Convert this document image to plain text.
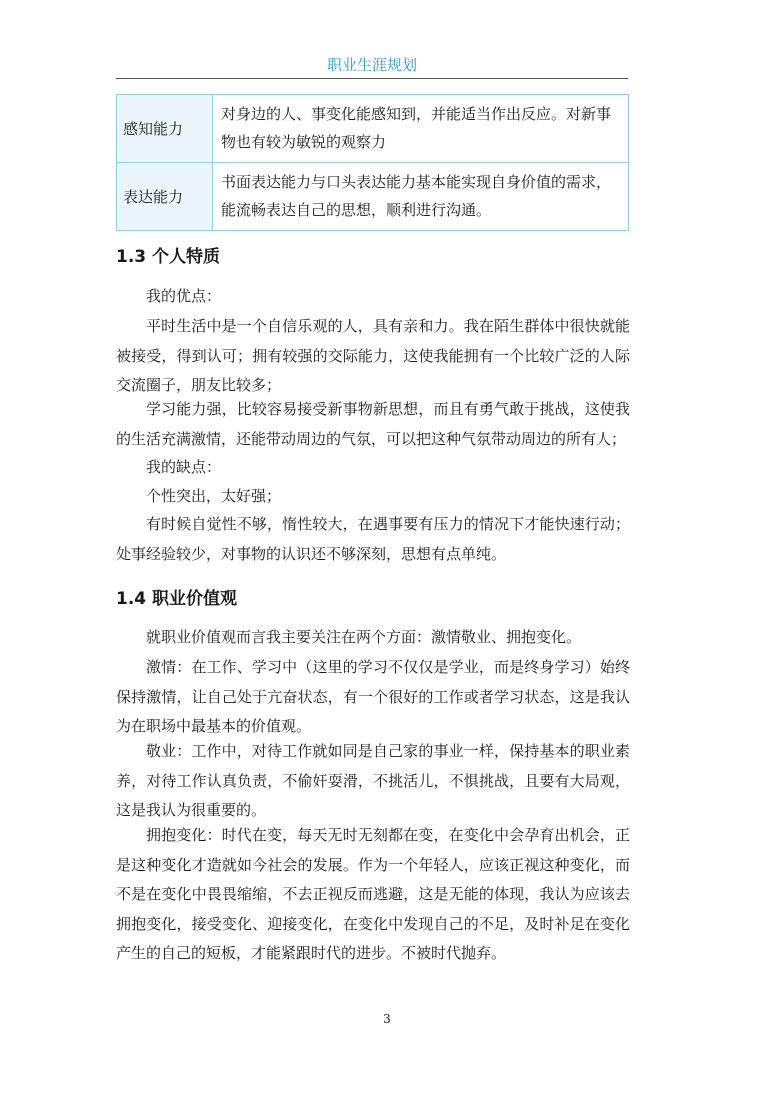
职业生涯规划
感知能力	对身边的人、事变化能感知到，并能适当作出反应。对新事物也有较为敏锐的观察力
表达能力	书面表达能力与口头表达能力基本能实现自身价值的需求，能流畅表达自己的思想，顺利进行沟通。
1.3 个人特质

我的优点：

平时生活中是一个自信乐观的人，具有亲和力。我在陌生群体中很快就能被接受，得到认可；拥有较强的交际能力，这使我能拥有一个比较广泛的人际交流圈子，朋友比较多；

学习能力强，比较容易接受新事物新思想，而且有勇气敢于挑战，这使我的生活充满激情，还能带动周边的气氛，可以把这种气氛带动周边的所有人；

我的缺点：

个性突出，太好强；

有时候自觉性不够，惰性较大，在遇事要有压力的情况下才能快速行动；处事经验较少，对事物的认识还不够深刻，思想有点单纯。

1.4 职业价值观

就职业价值观而言我主要关注在两个方面：激情敬业、拥抱变化。

激情：在工作、学习中（这里的学习不仅仅是学业，而是终身学习）始终保持激情，让自己处于亢奋状态，有一个很好的工作或者学习状态，这是我认为在职场中最基本的价值观。

敬业：工作中，对待工作就如同是自己家的事业一样，保持基本的职业素养，对待工作认真负责，不偷奸耍滑，不挑活儿，不惧挑战，且要有大局观，这是我认为很重要的。

拥抱变化：时代在变，每天无时无刻都在变，在变化中会孕育出机会，正是这种变化才造就如今社会的发展。作为一个年轻人，应该正视这种变化，而不是在变化中畏畏缩缩，不去正视反而逃避，这是无能的体现，我认为应该去拥抱变化，接受变化、迎接变化，在变化中发现自己的不足，及时补足在变化产生的自己的短板，才能紧跟时代的进步。不被时代抛弃。

3
